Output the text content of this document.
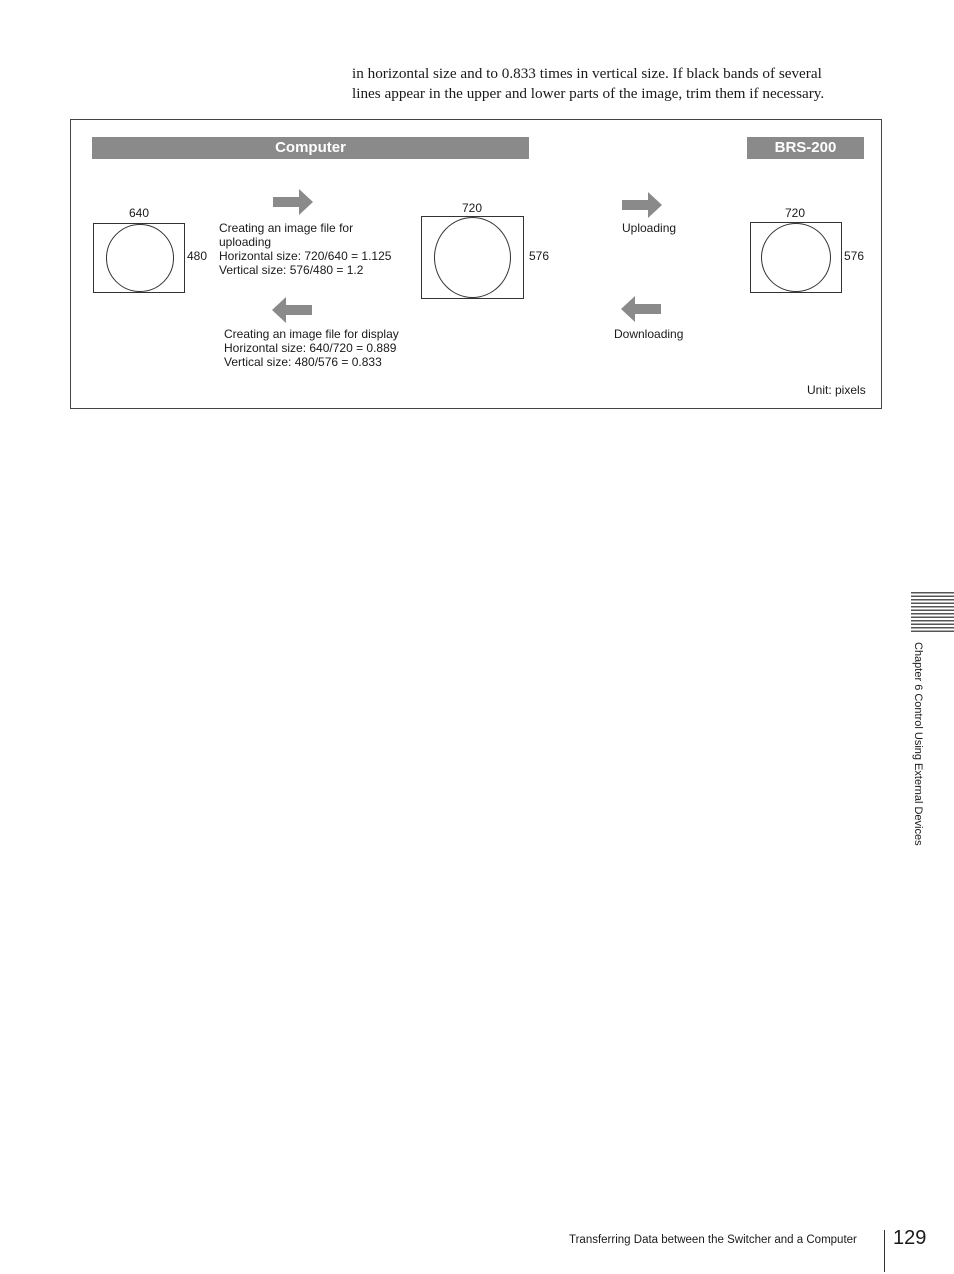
in horizontal size and to 0.833 times in vertical size. If black bands of several
lines appear in the upper and lower parts of the image, trim them if necessary.

Computer	BRS-200
640
480
Creating an image file for
uploading
Horizontal size: 720/640 = 1.125
Vertical size: 576/480 = 1.2
Creating an image file for display
Horizontal size: 640/720 = 0.889
Vertical size: 480/576 = 0.833
720
576
Uploading
Downloading
720
576
Unit: pixels
Chapter 6 Control Using External Devices
Transferring Data between the Switcher and a Computer 129
